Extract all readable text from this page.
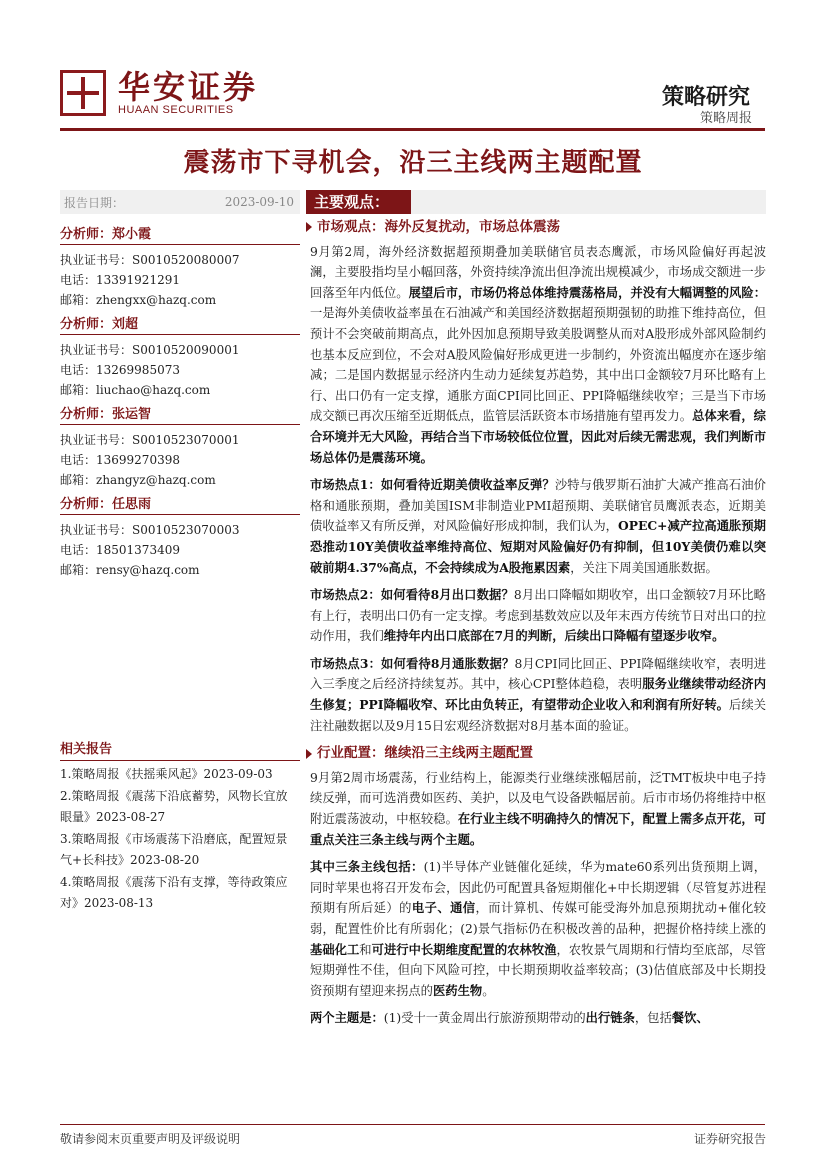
华安证券
HUAAN SECURITIES	策略研究
策略周报
震荡市下寻机会，沿三主线两主题配置
报告日期：	2023-09-10
分析师：郑小霞
执业证书号：S0010520080007
电话：13391921291
邮箱：zhengxx@hazq.com
分析师：刘超
执业证书号：S0010520090001
电话：13269985073
邮箱：liuchao@hazq.com
分析师：张运智
执业证书号：S0010523070001
电话：13699270398
邮箱：zhangyz@hazq.com
分析师：任思雨
执业证书号：S0010523070003
电话：18501373409
邮箱：rensy@hazq.com
相关报告
1.策略周报《扶摇乘风起》2023-09-03
2.策略周报《震荡下沿底蓄势，风物长宜放眼量》2023-08-27
3.策略周报《市场震荡下沿磨底，配置短景气+长科技》2023-08-20
4.策略周报《震荡下沿有支撑，等待政策应对》2023-08-13
主要观点：
市场观点：海外反复扰动，市场总体震荡
9月第2周，海外经济数据超预期叠加美联储官员表态鹰派，市场风险偏好再起波澜，主要股指均呈小幅回落，外资持续净流出但净流出规模减少，市场成交额进一步回落至年内低位。展望后市，市场仍将总体维持震荡格局，并没有大幅调整的风险：一是海外美债收益率虽在石油减产和美国经济数据超预期强韧的助推下维持高位，但预计不会突破前期高点，此外因加息预期导致美股调整从而对A股形成外部风险制约也基本反应到位，不会对A股风险偏好形成更进一步制约，外资流出幅度亦在逐步缩减；二是国内数据显示经济内生动力延续复苏趋势，其中出口金额较7月环比略有上行、出口仍有一定支撑，通胀方面CPI同比回正、PPI降幅继续收窄；三是当下市场成交额已再次压缩至近期低点，监管层活跃资本市场措施有望再发力。总体来看，综合环境并无大风险，再结合当下市场较低位位置，因此对后续无需悲观，我们判断市场总体仍是震荡环境。
市场热点1：如何看待近期美债收益率反弹？沙特与俄罗斯石油扩大减产推高石油价格和通胀预期，叠加美国ISM非制造业PMI超预期、美联储官员鹰派表态，近期美债收益率又有所反弹，对风险偏好形成抑制，我们认为，OPEC+减产拉高通胀预期恐推动10Y美债收益率维持高位、短期对风险偏好仍有抑制，但10Y美债仍难以突破前期4.37%高点，不会持续成为A股拖累因素，关注下周美国通胀数据。
市场热点2：如何看待8月出口数据？8月出口降幅如期收窄，出口金额较7月环比略有上行，表明出口仍有一定支撑。考虑到基数效应以及年末西方传统节日对出口的拉动作用，我们维持年内出口底部在7月的判断，后续出口降幅有望逐步收窄。
市场热点3：如何看待8月通胀数据？8月CPI同比回正、PPI降幅继续收窄，表明进入三季度之后经济持续复苏。其中，核心CPI整体趋稳，表明服务业继续带动经济内生修复；PPI降幅收窄、环比由负转正，有望带动企业收入和利润有所好转。后续关注社融数据以及9月15日宏观经济数据对8月基本面的验证。
行业配置：继续沿三主线两主题配置
9月第2周市场震荡，行业结构上，能源类行业继续涨幅居前，泛TMT板块中电子持续反弹，而可选消费如医药、美护，以及电气设备跌幅居前。后市市场仍将维持中枢附近震荡波动，中枢较稳。在行业主线不明确持久的情况下，配置上需多点开花，可重点关注三条主线与两个主题。
其中三条主线包括：(1)半导体产业链催化延续，华为mate60系列出货预期上调，同时苹果也将召开发布会，因此仍可配置具备短期催化+中长期逻辑（尽管复苏进程预期有所后延）的电子、通信，而计算机、传媒可能受海外加息预期扰动+催化较弱，配置性价比有所弱化；(2)景气指标仍在积极改善的品种，把握价格持续上涨的基础化工和可进行中长期维度配置的农林牧渔，农牧景气周期和行情均至底部，尽管短期弹性不佳，但向下风险可控，中长期预期收益率较高；(3)估值底部及中长期投资预期有望迎来拐点的医药生物。
两个主题是：(1)受十一黄金周出行旅游预期带动的出行链条，包括餐饮、
敬请参阅末页重要声明及评级说明	证券研究报告
